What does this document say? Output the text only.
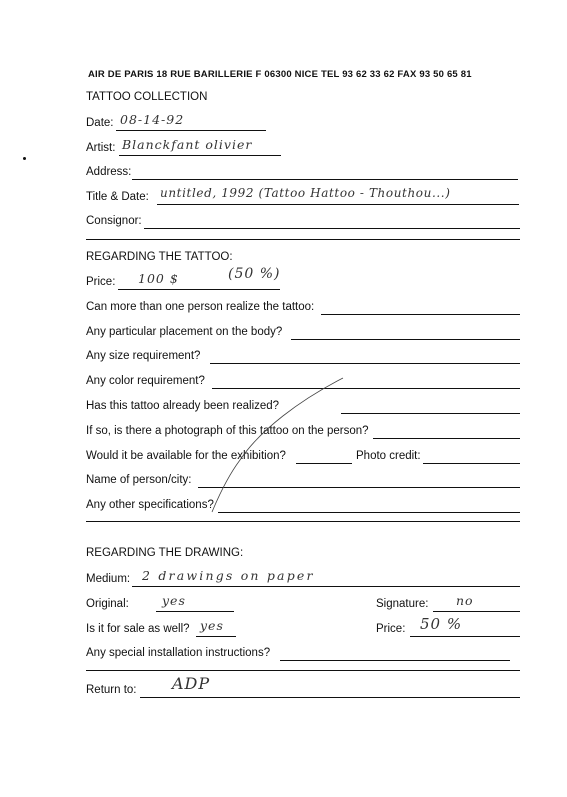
AIR DE PARIS 18 RUE BARILLERIE F 06300 NICE TEL 93 62 33 62 FAX 93 50 65 81
TATTOO COLLECTION
Date: 08-14-92
Artist: Blanckfant olivier
Address:
Title & Date: untitled, 1992 (Tattoo Hattoo - Thouthou...)
Consignor:
REGARDING THE TATTOO:
Price: 100 $	(50 %)
Can more than one person realize the tattoo:
Any particular placement on the body?
Any size requirement?
Any color requirement?
Has this tattoo already been realized?
If so, is there a photograph of this tattoo on the person?
Would it be available for the exhibition?	Photo credit:
Name of person/city:
Any other specifications?
REGARDING THE DRAWING:
Medium: 2 drawings on paper
Original:	yes	Signature: no
Is it for sale as well? yes	Price: 50 %
Any special installation instructions?
Return to: ADP
